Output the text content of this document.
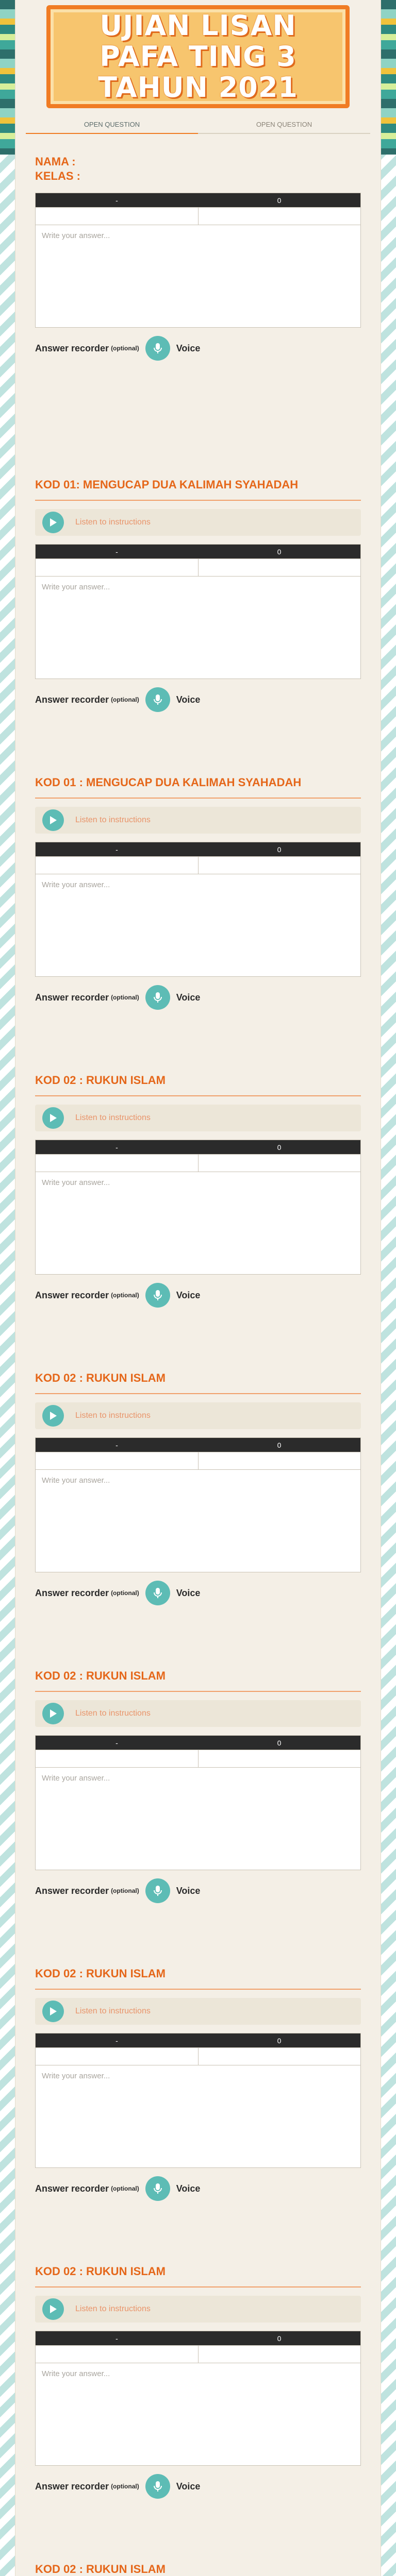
UJIAN LISAN PAFA TING 3 TAHUN 2021
OPEN QUESTION	OPEN QUESTION
NAMA :
KELAS :
-	0
Write your answer...
Answer recorder (optional)	Voice
KOD 01: MENGUCAP DUA KALIMAH SYAHADAH
Listen to instructions
-	0
Write your answer...
Answer recorder (optional)	Voice
KOD 01 : MENGUCAP DUA KALIMAH SYAHADAH
Listen to instructions
-	0
Write your answer...
Answer recorder (optional)	Voice
KOD 02 : RUKUN ISLAM
Listen to instructions
-	0
Write your answer...
Answer recorder (optional)	Voice
KOD 02 : RUKUN ISLAM
Listen to instructions
-	0
Write your answer...
Answer recorder (optional)	Voice
KOD 02 : RUKUN ISLAM
Listen to instructions
-	0
Write your answer...
Answer recorder (optional)	Voice
KOD 02 : RUKUN ISLAM
Listen to instructions
-	0
Write your answer...
Answer recorder (optional)	Voice
KOD 02 : RUKUN ISLAM
Listen to instructions
-	0
Write your answer...
Answer recorder (optional)	Voice
KOD 02 : RUKUN ISLAM
